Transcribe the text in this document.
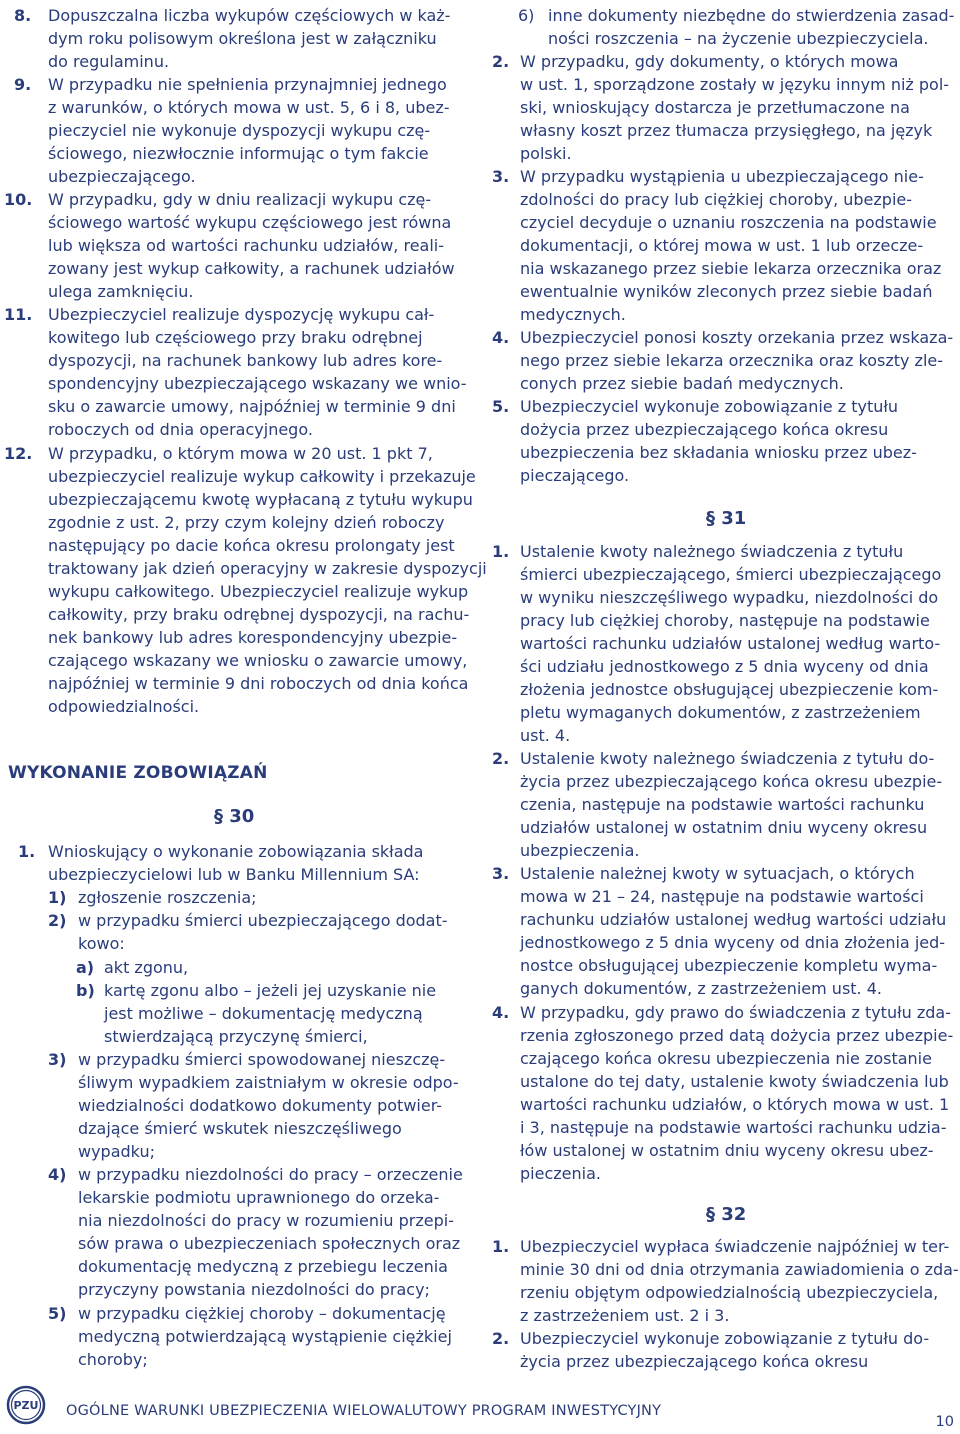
8. Dopuszczalna liczba wykupów częściowych w każ-
dym roku polisowym określona jest w załączniku
do regulaminu.
9. W przypadku nie spełnienia przynajmniej jednego
z warunków, o których mowa w ust. 5, 6 i 8, ubez-
pieczyciel nie wykonuje dyspozycji wykupu czę-
ściowego, niezwłocznie informując o tym fakcie
ubezpieczającego.
10. W przypadku, gdy w dniu realizacji wykupu czę-
ściowego wartość wykupu częściowego jest równa
lub większa od wartości rachunku udziałów, reali-
zowany jest wykup całkowity, a rachunek udziałów
ulega zamknięciu.
11. Ubezpieczyciel realizuje dyspozycję wykupu cał-
kowitego lub częściowego przy braku odrębnej
dyspozycji, na rachunek bankowy lub adres kore-
spondencyjny ubezpieczającego wskazany we wnio-
sku o zawarcie umowy, najpóźniej w terminie 9 dni
roboczych od dnia operacyjnego.
12. W przypadku, o którym mowa w 20 ust. 1 pkt 7,
ubezpieczyciel realizuje wykup całkowity i przekazuje
ubezpieczającemu kwotę wypłacaną z tytułu wykupu
zgodnie z ust. 2, przy czym kolejny dzień roboczy
następujący po dacie końca okresu prolongaty jest
traktowany jak dzień operacyjny w zakresie dyspozycji
wykupu całkowitego. Ubezpieczyciel realizuje wykup
całkowity, przy braku odrębnej dyspozycji, na rachu-
nek bankowy lub adres korespondencyjny ubezpie-
czającego wskazany we wniosku o zawarcie umowy,
najpóźniej w terminie 9 dni roboczych od dnia końca
odpowiedzialności.
WYKONANIE ZOBOWIĄZAŃ
§ 30
1. Wnioskujący o wykonanie zobowiązania składa
ubezpieczycielowi lub w Banku Millennium SA:
1) zgłoszenie roszczenia;
2) w przypadku śmierci ubezpieczającego dodat-
kowo:
3) w przypadku śmierci spowodowanej nieszczę-
śliwym wypadkiem zaistniałym w okresie odpo-
wiedzialności dodatkowo dokumenty potwier-
dzające śmierć wskutek nieszczęśliwego
wypadku;
4) w przypadku niezdolności do pracy – orzeczenie
lekarskie podmiotu uprawnionego do orzeka-
nia niezdolności do pracy w rozumieniu przepi-
sów prawa o ubezpieczeniach społecznych oraz
dokumentację medyczną z przebiegu leczenia
przyczyny powstania niezdolności do pracy;
5) w przypadku ciężkiej choroby – dokumentację
medyczną potwierdzającą wystąpienie ciężkiej
choroby;
a) akt zgonu,
b) kartę zgonu albo – jeżeli jej uzyskanie nie
jest możliwe – dokumentację medyczną
stwierdzającą przyczynę śmierci,
6) inne dokumenty niezbędne do stwierdzenia zasad-
ności roszczenia – na życzenie ubezpieczyciela.
2. W przypadku, gdy dokumenty, o których mowa
w ust. 1, sporządzone zostały w języku innym niż pol-
ski, wnioskujący dostarcza je przetłumaczone na
własny koszt przez tłumacza przysięgłego, na język
polski.
3. W przypadku wystąpienia u ubezpieczającego nie-
zdolności do pracy lub ciężkiej choroby, ubezpie-
czyciel decyduje o uznaniu roszczenia na podstawie
dokumentacji, o której mowa w ust. 1 lub orzecze-
nia wskazanego przez siebie lekarza orzecznika oraz
ewentualnie wyników zleconych przez siebie badań
medycznych.
4. Ubezpieczyciel ponosi koszty orzekania przez wskaza-
nego przez siebie lekarza orzecznika oraz koszty zle-
conych przez siebie badań medycznych.
5. Ubezpieczyciel wykonuje zobowiązanie z tytułu
dożycia przez ubezpieczającego końca okresu
ubezpieczenia bez składania wniosku przez ubez-
pieczającego.
§ 31
1. Ustalenie kwoty należnego świadczenia z tytułu
śmierci ubezpieczającego, śmierci ubezpieczającego
w wyniku nieszczęśliwego wypadku, niezdolności do
pracy lub ciężkiej choroby, następuje na podstawie
wartości rachunku udziałów ustalonej według warto-
ści udziału jednostkowego z 5 dnia wyceny od dnia
złożenia jednostce obsługującej ubezpieczenie kom-
pletu wymaganych dokumentów, z zastrzeżeniem
ust. 4.
2. Ustalenie kwoty należnego świadczenia z tytułu do-
życia przez ubezpieczającego końca okresu ubezpie-
czenia, następuje na podstawie wartości rachunku
udziałów ustalonej w ostatnim dniu wyceny okresu
ubezpieczenia.
3. Ustalenie należnej kwoty w sytuacjach, o których
mowa w 21 – 24, następuje na podstawie wartości
rachunku udziałów ustalonej według wartości udziału
jednostkowego z 5 dnia wyceny od dnia złożenia jed-
nostce obsługującej ubezpieczenie kompletu wyma-
ganych dokumentów, z zastrzeżeniem ust. 4.
4. W przypadku, gdy prawo do świadczenia z tytułu zda-
rzenia zgłoszonego przed datą dożycia przez ubezpie-
czającego końca okresu ubezpieczenia nie zostanie
ustalone do tej daty, ustalenie kwoty świadczenia lub
wartości rachunku udziałów, o których mowa w ust. 1
i 3, następuje na podstawie wartości rachunku udzia-
łów ustalonej w ostatnim dniu wyceny okresu ubez-
pieczenia.
§ 32
1. Ubezpieczyciel wypłaca świadczenie najpóźniej w ter-
minie 30 dni od dnia otrzymania zawiadomienia o zda-
rzeniu objętym odpowiedzialnością ubezpieczyciela,
z zastrzeżeniem ust. 2 i 3.
2. Ubezpieczyciel wykonuje zobowiązanie z tytułu do-
życia przez ubezpieczającego końca okresu
PZU OGÓLNE WARUNKI UBEZPIECZENIA WIELOWALUTOWY PROGRAM INWESTYCYJNY
10
